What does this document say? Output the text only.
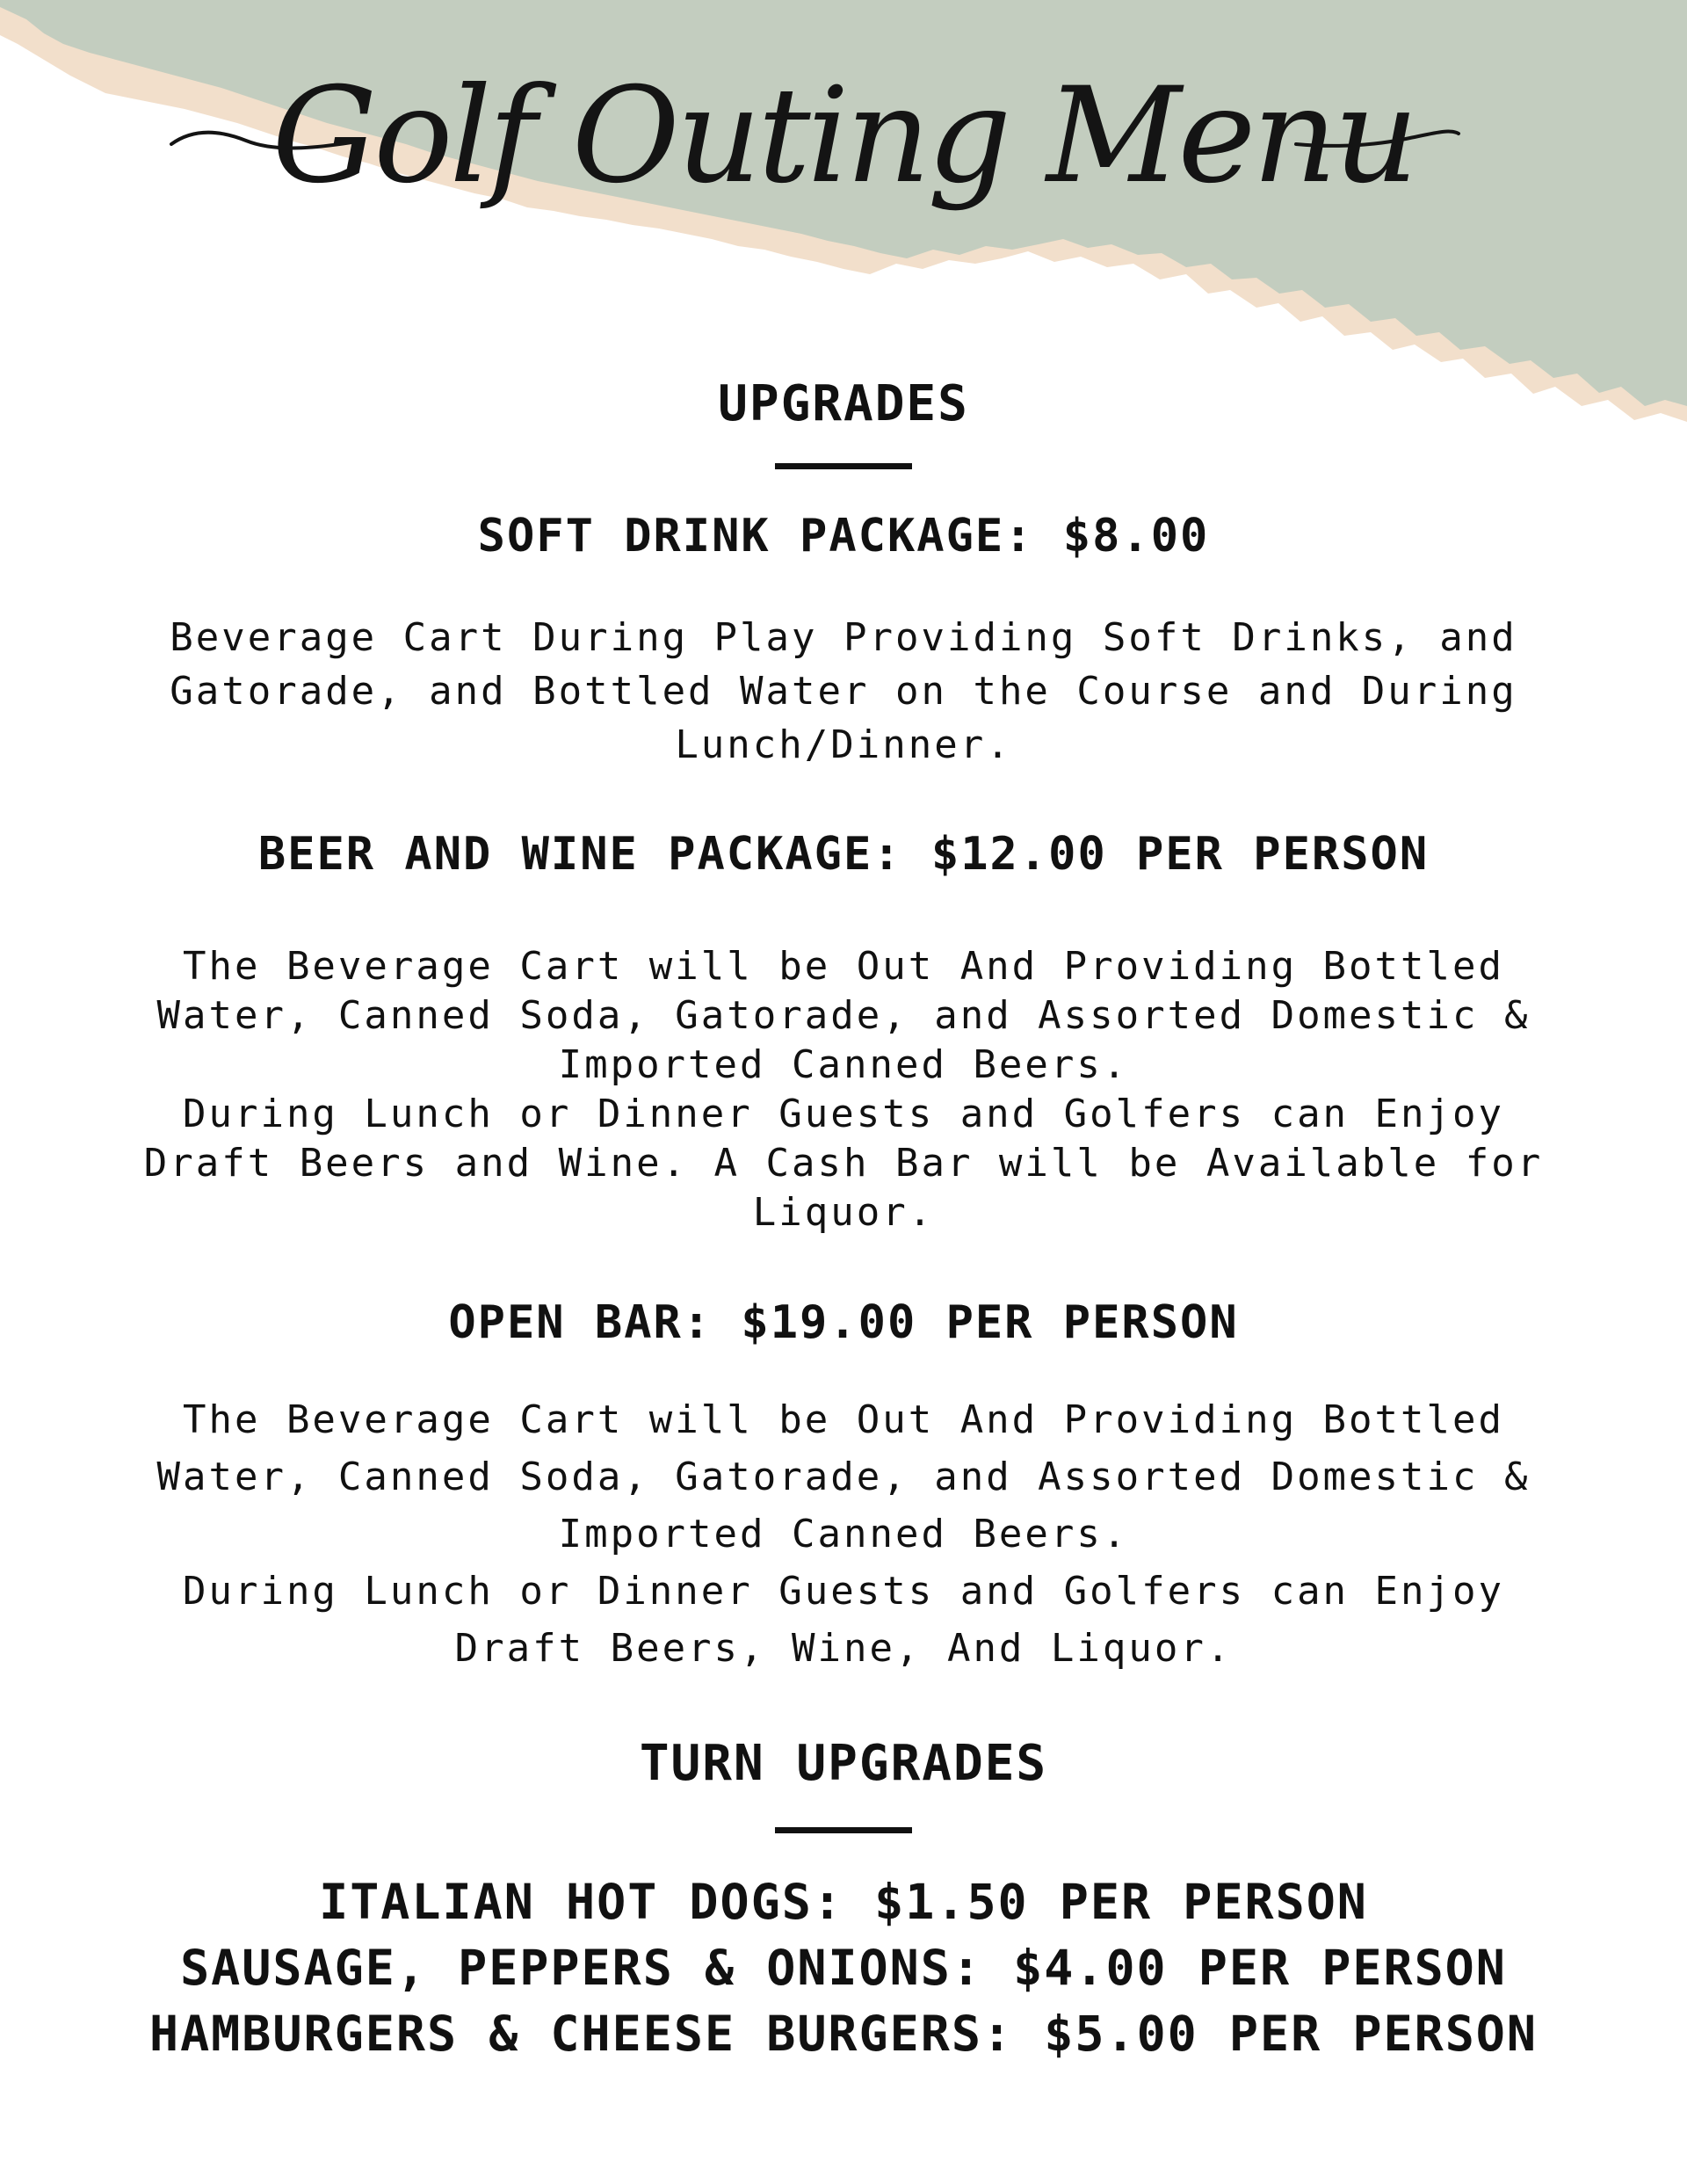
Golf Outing Menu
UPGRADES
SOFT DRINK PACKAGE: $8.00

Beverage Cart During Play Providing Soft Drinks, and Gatorade, and Bottled Water on the Course and During Lunch/Dinner.

BEER AND WINE PACKAGE: $12.00 PER PERSON

The Beverage Cart will be Out And Providing Bottled Water, Canned Soda, Gatorade, and Assorted Domestic & Imported Canned Beers.

During Lunch or Dinner Guests and Golfers can Enjoy Draft Beers and Wine. A Cash Bar will be Available for Liquor.

OPEN BAR: $19.00 PER PERSON

The Beverage Cart will be Out And Providing Bottled Water, Canned Soda, Gatorade, and Assorted Domestic & Imported Canned Beers.

During Lunch or Dinner Guests and Golfers can Enjoy Draft Beers, Wine, And Liquor.

TURN UPGRADES
ITALIAN HOT DOGS: $1.50 PER PERSON
SAUSAGE, PEPPERS & ONIONS: $4.00 PER PERSON
HAMBURGERS & CHEESE BURGERS: $5.00 PER PERSON
